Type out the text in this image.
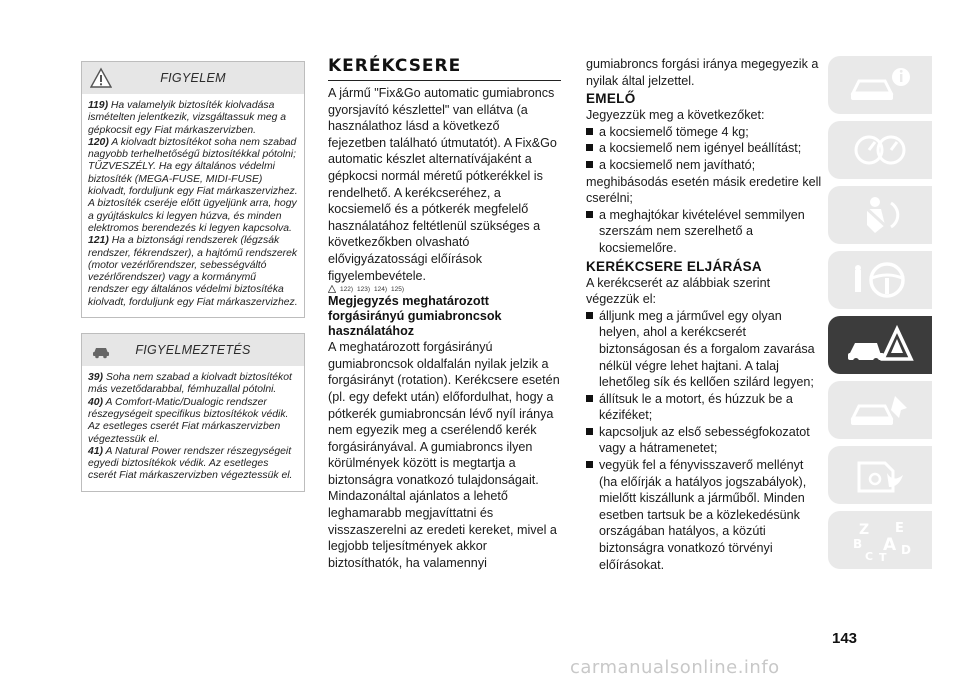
FIGYELEM

119) Ha valamelyik biztosíték kiolvadása ismételten jelentkezik, vizsgáltassuk meg a gépkocsit egy Fiat márkaszervizben.

120) A kiolvadt biztosítékot soha nem szabad nagyobb terhelhetőségű biztosítékkal pótolni; TŰZVESZÉLY. Ha egy általános védelmi biztosíték (MEGA-FUSE, MIDI-FUSE) kiolvadt, forduljunk egy Fiat márkaszervizhez. A biztosíték cseréje előtt ügyeljünk arra, hogy a gyújtáskulcs ki legyen húzva, és minden elektromos berendezés ki legyen kapcsolva.

121) Ha a biztonsági rendszerek (légzsák rendszer, fékrendszer), a hajtómű rendszerek (motor vezérlőrendszer, sebességváltó vezérlőrendszer) vagy a kormánymű rendszer egy általános védelmi biztosítéka kiolvadt, forduljunk egy Fiat márkaszervizhez.

FIGYELMEZTETÉS

39) Soha nem szabad a kiolvadt biztosítékot más vezetődarabbal, fémhuzallal pótolni.

40) A Comfort-Matic/Dualogic rendszer részegységeit specifikus biztosítékok védik. Az esetleges cserét Fiat márkaszervizben végeztessük el.

41) A Natural Power rendszer részegységeit egyedi biztosítékok védik. Az esetleges cserét Fiat márkaszervizben végeztessük el.

KERÉKCSERE

A jármű "Fix&Go automatic gumiabroncs gyorsjavító készlettel" van ellátva (a használathoz lásd a következő fejezetben található útmutatót). A Fix&Go automatic készlet alternatívájaként a gépkocsi normál méretű pótkerékkel is rendelhető. A kerékcseréhez, a kocsiemelő és a pótkerék megfelelő használatához feltétlenül szükséges a következőkben olvasható elővigyázatossági előírások figyelembevétele.

122) 123) 124) 125)
Megjegyzés meghatározott forgásirányú gumiabroncsok használatához

A meghatározott forgásirányú gumiabroncsok oldalfalán nyilak jelzik a forgásirányt (rotation). Kerékcsere esetén (pl. egy defekt után) előfordulhat, hogy a pótkerék gumiabroncsán lévő nyíl iránya nem egyezik meg a cserélendő kerék forgásirányával. A gumiabroncs ilyen körülmények között is megtartja a biztonságra vonatkozó tulajdonságait. Mindazonáltal ajánlatos a lehető leghamarabb megjavíttatni és visszaszerelni az eredeti kereket, mivel a legjobb teljesítmények akkor biztosíthatók, ha valamennyi

gumiabroncs forgási iránya megegyezik a nyilak által jelzettel.

EMELŐ

Jegyezzük meg a következőket:

a kocsiemelő tömege 4 kg;

a kocsiemelő nem igényel beállítást;

a kocsiemelő nem javítható;

meghibásodás esetén másik eredetire kell cserélni;

a meghajtókar kivételével semmilyen szerszám nem szerelhető a kocsiemelőre.

KERÉKCSERE ELJÁRÁSA

A kerékcserét az alábbiak szerint végezzük el:

álljunk meg a járművel egy olyan helyen, ahol a kerékcserét biztonságosan és a forgalom zavarása nélkül végre lehet hajtani. A talaj lehetőleg sík és kellően szilárd legyen;

állítsuk le a motort, és húzzuk be a kéziféket;

kapcsoljuk az első sebességfokozatot vagy a hátramenetet;

vegyük fel a fényvisszaverő mellényt (ha előírják a hatályos jogszabályok), mielőtt kiszállunk a járműből. Minden esetben tartsuk be a közlekedésünk országában hatályos, a közúti biztonságra vonatkozó törvényi előírásokat.

Z E
B A
C T
D
143
carmanualsonline.info
